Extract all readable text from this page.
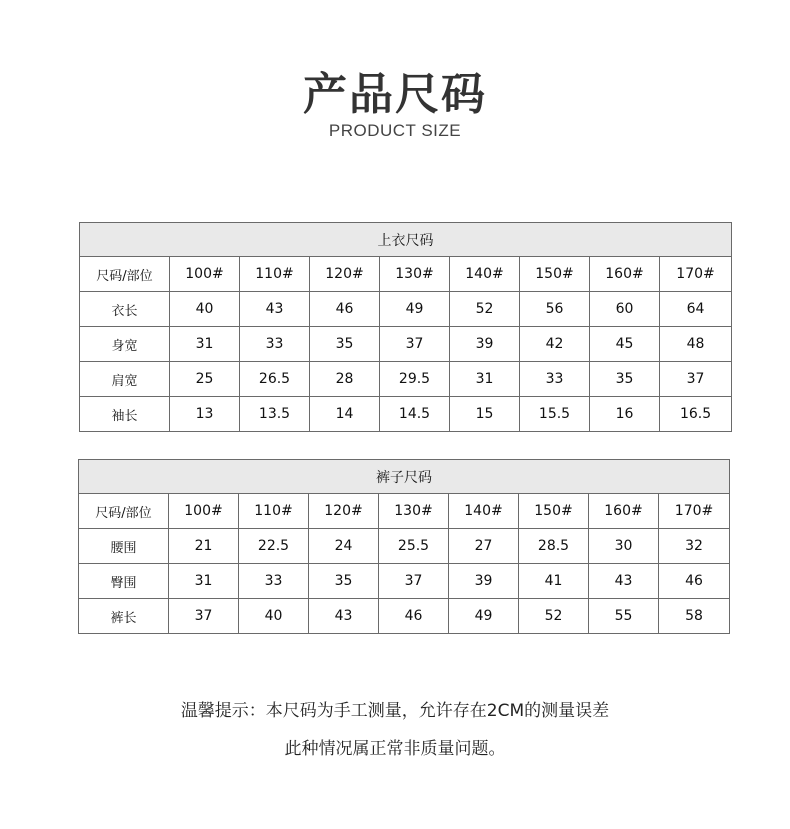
产品尺码
PRODUCT SIZE
上衣尺码								
尺码/部位	100#	110#	120#	130#	140#	150#	160#	170#
衣长	40	43	46	49	52	56	60	64
身宽	31	33	35	37	39	42	45	48
肩宽	25	26.5	28	29.5	31	33	35	37
袖长	13	13.5	14	14.5	15	15.5	16	16.5
裤子尺码								
尺码/部位	100#	110#	120#	130#	140#	150#	160#	170#
腰围	21	22.5	24	25.5	27	28.5	30	32
臀围	31	33	35	37	39	41	43	46
裤长	37	40	43	46	49	52	55	58
温馨提示：本尺码为手工测量，允许存在2CM的测量误差
此种情况属正常非质量问题。
